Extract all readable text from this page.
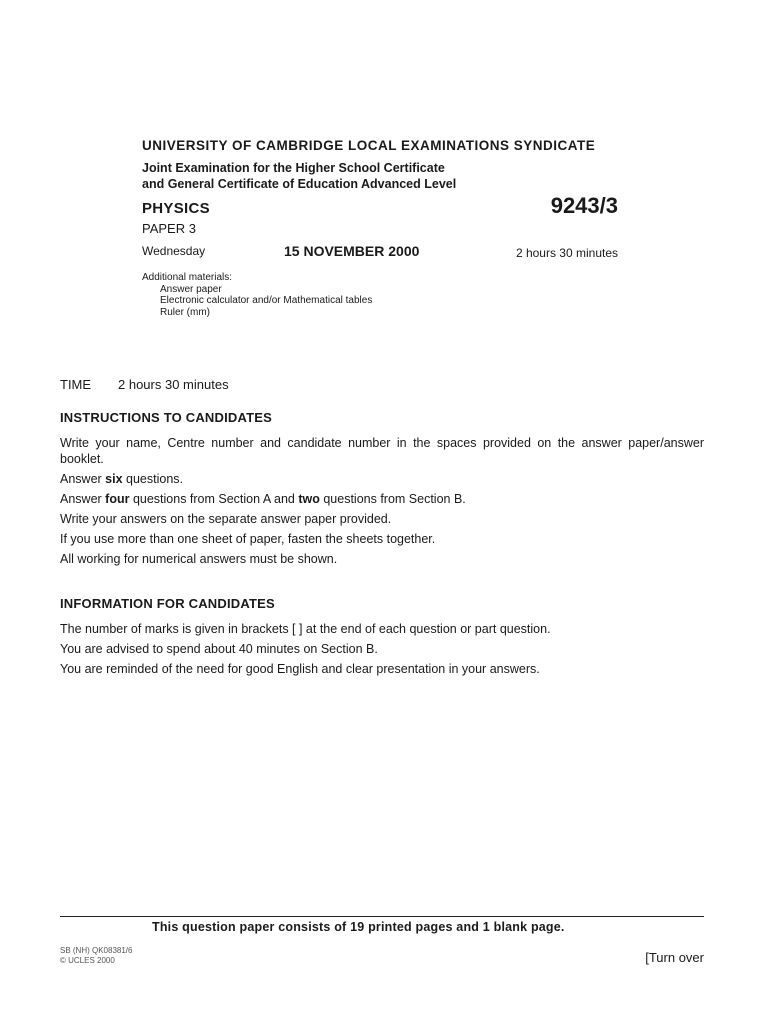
UNIVERSITY OF CAMBRIDGE LOCAL EXAMINATIONS SYNDICATE
Joint Examination for the Higher School Certificate
and General Certificate of Education Advanced Level
PHYSICS	9243/3
PAPER 3
Wednesday	15 NOVEMBER 2000	2 hours 30 minutes
Additional materials:
Answer paper
Electronic calculator and/or Mathematical tables
Ruler (mm)
TIME 2 hours 30 minutes
INSTRUCTIONS TO CANDIDATES

Write your name, Centre number and candidate number in the spaces provided on the answer paper/answer booklet.

Answer six questions.

Answer four questions from Section A and two questions from Section B.

Write your answers on the separate answer paper provided.

If you use more than one sheet of paper, fasten the sheets together.

All working for numerical answers must be shown.

INFORMATION FOR CANDIDATES

The number of marks is given in brackets [ ] at the end of each question or part question.

You are advised to spend about 40 minutes on Section B.

You are reminded of the need for good English and clear presentation in your answers.

This question paper consists of 19 printed pages and 1 blank page.
SB (NH) QK08381/6
© UCLES 2000	[Turn over
